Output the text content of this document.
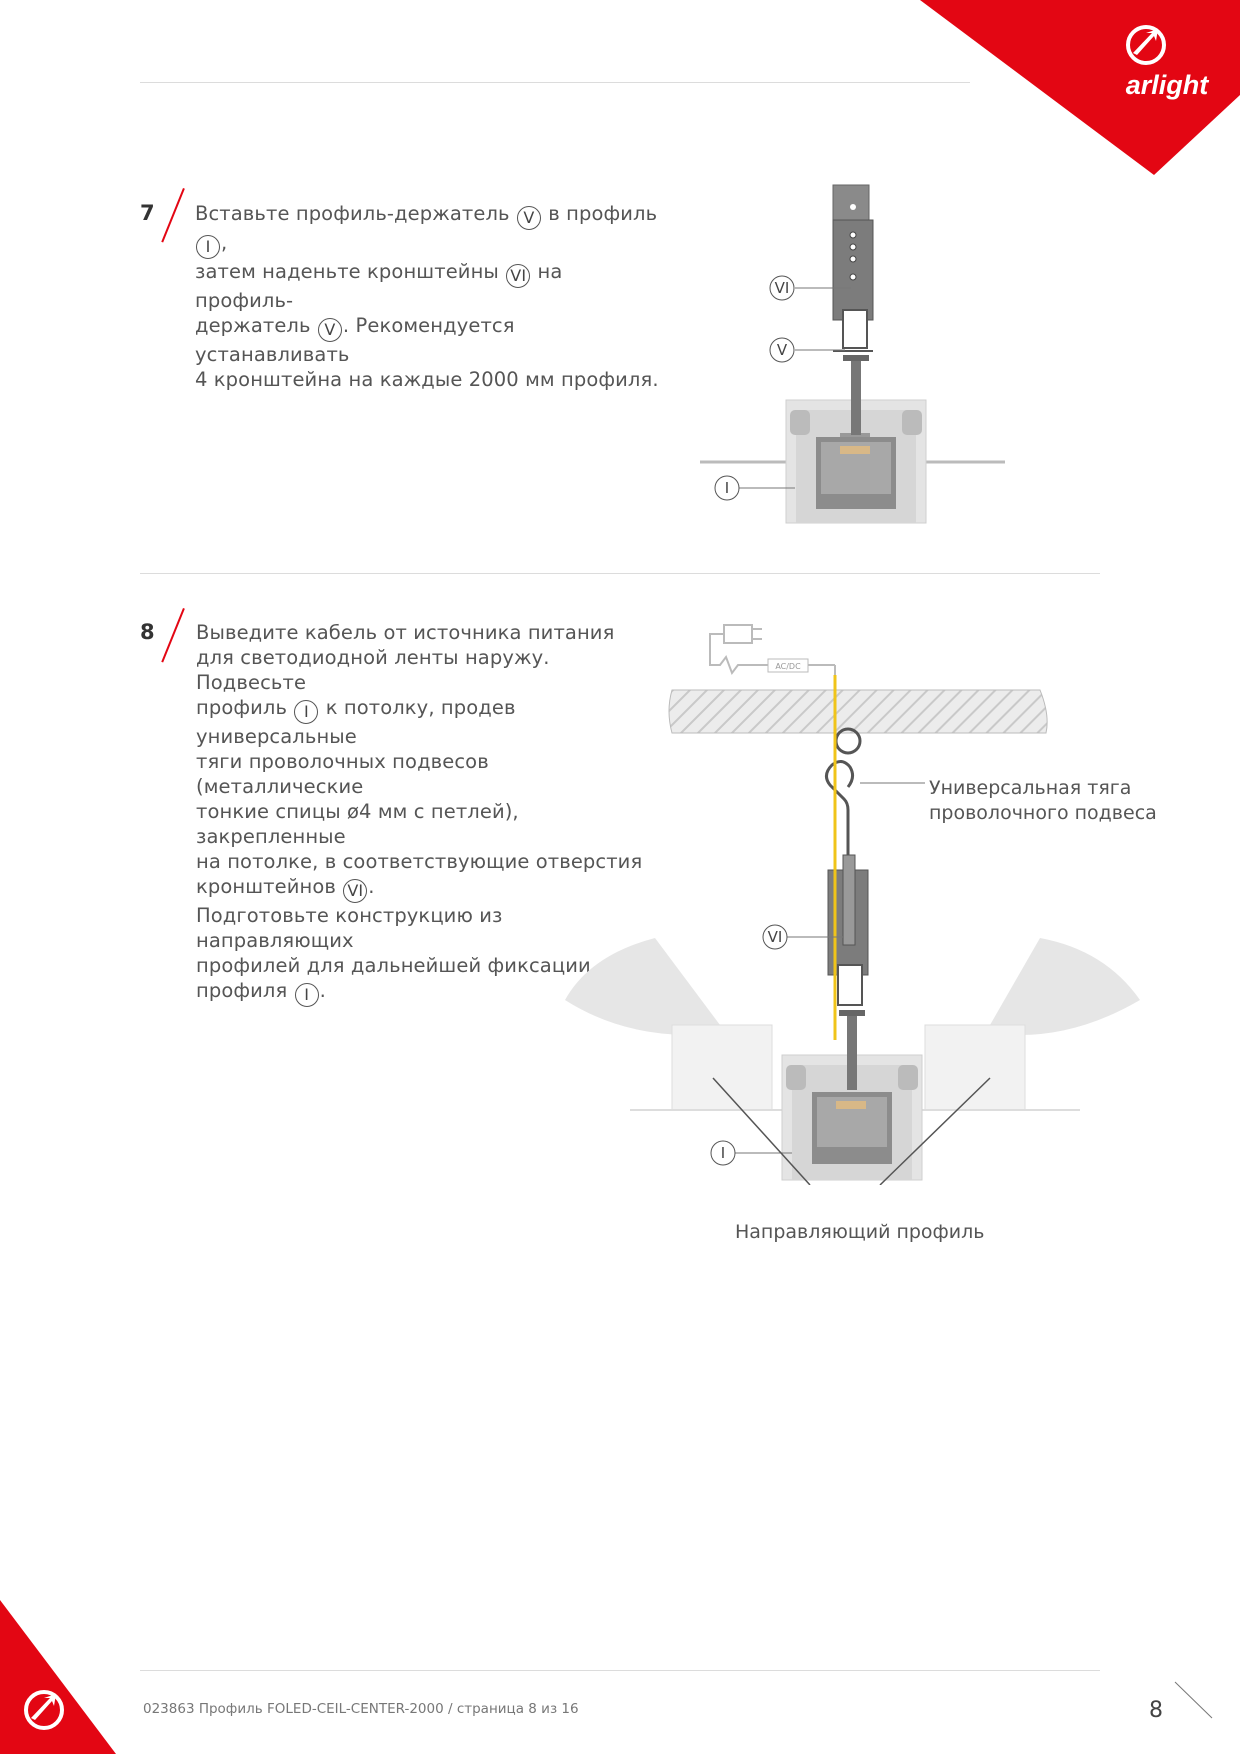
arlight
7 Вставьте профиль-держатель V в профиль I ,

затем наденьте кронштейны VI на профиль-

держатель V . Рекомендуется устанавливать

4 кронштейна на каждые 2000 мм профиля.

VI
V
I
8 Выведите кабель от источника питания

для светодиодной ленты наружу. Подвесьте

профиль I к потолку, продев универсальные

тяги проволочных подвесов (металлические

тонкие спицы ø4 мм с петлей), закрепленные

на потолке, в соответствующие отверстия

кронштейнов VI .

Подготовьте конструкцию из направляющих

профилей для дальнейшей фиксации

профиля I .

AC/DC
VI
I
Универсальная тяга
проволочного подвеса
Направляющий профиль
023863 Профиль FOLED-CEIL-CENTER-2000 / страница 8 из 16	8
